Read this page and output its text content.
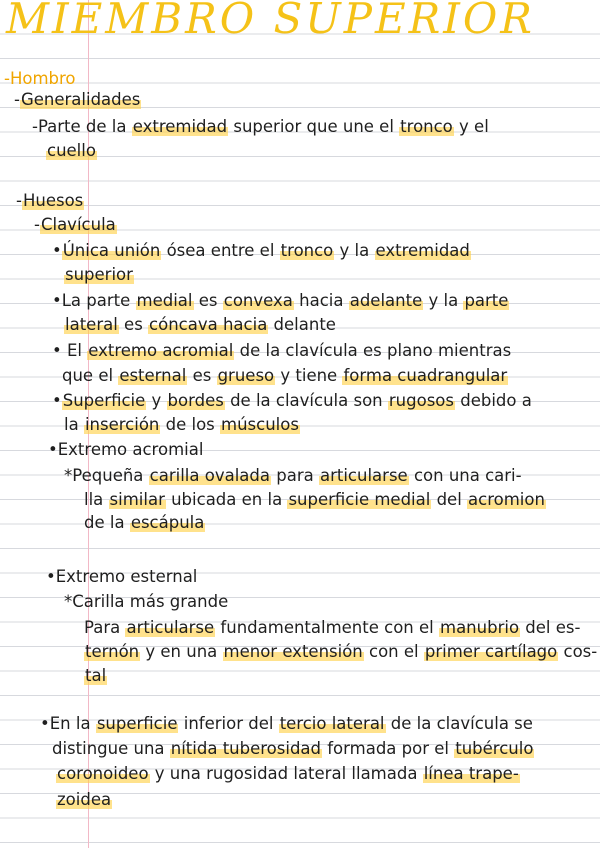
MIEMBRO SUPERIOR
-Hombro
-Generalidades
-Parte de la extremidad superior que une el tronco y el
cuello
-Huesos
-Clavícula
•Única unión ósea entre el tronco y la extremidad
superior
•La parte medial es convexa hacia adelante y la parte
lateral es cóncava hacia delante
• El extremo acromial de la clavícula es plano mientras
que el esternal es grueso y tiene forma cuadrangular
•Superficie y bordes de la clavícula son rugosos debido a
la inserción de los músculos
•Extremo acromial
*Pequeña carilla ovalada para articularse con una cari-
lla similar ubicada en la superficie medial del acromion
de la escápula
•Extremo esternal
*Carilla más grande
Para articularse fundamentalmente con el manubrio del es-
ternón y en una menor extensión con el primer cartílago cos-
tal
•En la superficie inferior del tercio lateral de la clavícula se
distingue una nítida tuberosidad formada por el tubérculo
coronoideo y una rugosidad lateral llamada línea trape-
zoidea
